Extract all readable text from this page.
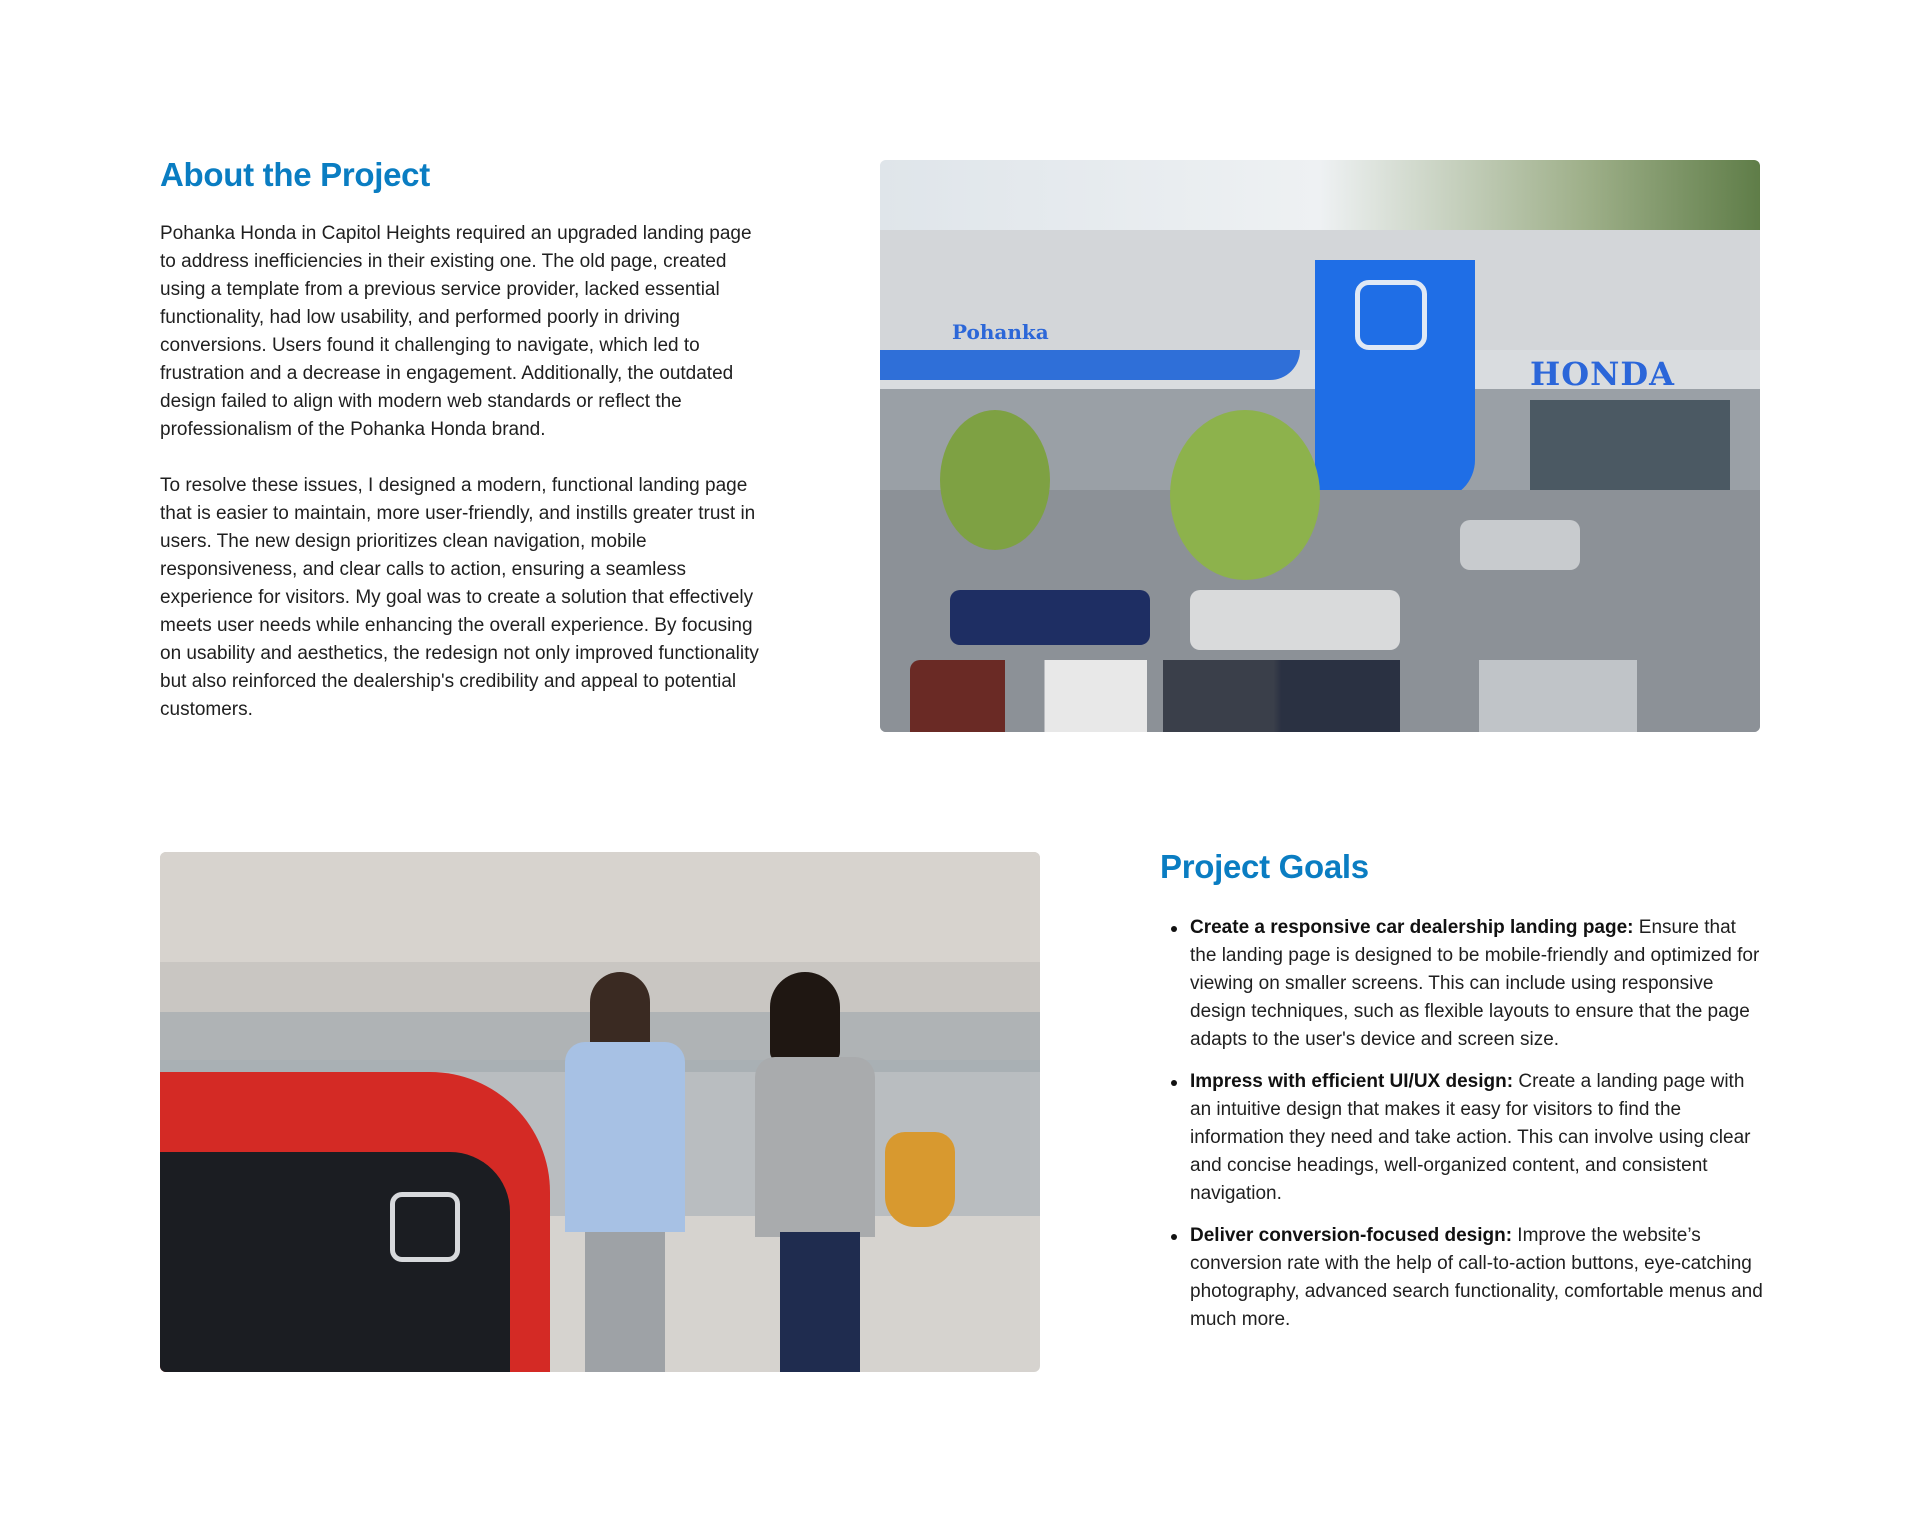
About the Project

Pohanka Honda in Capitol Heights required an upgraded landing page to address inefficiencies in their existing one. The old page, created using a template from a previous service provider, lacked essential functionality, had low usability, and performed poorly in driving conversions. Users found it challenging to navigate, which led to frustration and a decrease in engagement. Additionally, the outdated design failed to align with modern web standards or reflect the professionalism of the Pohanka Honda brand.

To resolve these issues, I designed a modern, functional landing page that is easier to maintain, more user-friendly, and instills greater trust in users. The new design prioritizes clean navigation, mobile responsiveness, and clear calls to action, ensuring a seamless experience for visitors. My goal was to create a solution that effectively meets user needs while enhancing the overall experience. By focusing on usability and aesthetics, the redesign not only improved functionality but also reinforced the dealership's credibility and appeal to potential customers.

HONDA
Pohanka
Project Goals
Create a responsive car dealership landing page: Ensure that the landing page is designed to be mobile-friendly and optimized for viewing on smaller screens. This can include using responsive design techniques, such as flexible layouts to ensure that the page adapts to the user's device and screen size.
Impress with efficient UI/UX design: Create a landing page with an intuitive design that makes it easy for visitors to find the information they need and take action. This can involve using clear and concise headings, well-organized content, and consistent navigation.
Deliver conversion-focused design: Improve the website’s conversion rate with the help of call-to-action buttons, eye-catching photography, advanced search functionality, comfortable menus and much more.
